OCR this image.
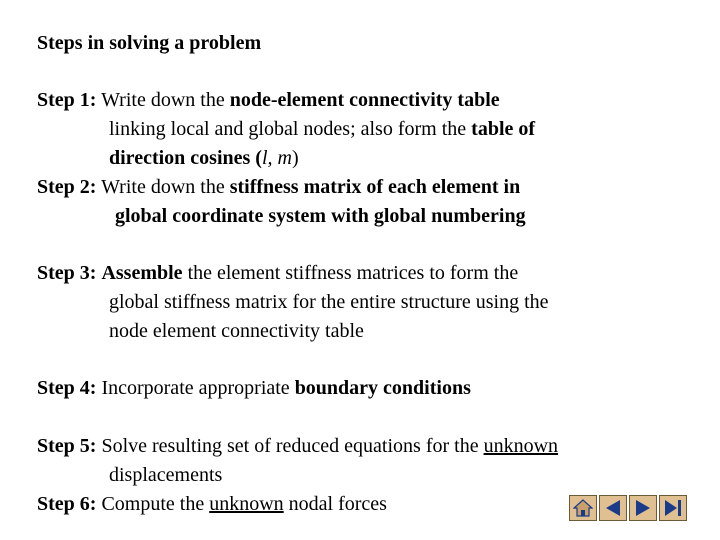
Steps in solving a problem
Step 1: Write down the node-element connectivity table
linking local and global nodes; also form the table of
direction cosines (l, m)
Step 2: Write down the stiffness matrix of each element in
global coordinate system with global numbering
Step 3: Assemble the element stiffness matrices to form the
global stiffness matrix for the entire structure using the
node element connectivity table
Step 4: Incorporate appropriate boundary conditions
Step 5: Solve resulting set of reduced equations for the unknown
displacements
Step 6: Compute the unknown nodal forces
